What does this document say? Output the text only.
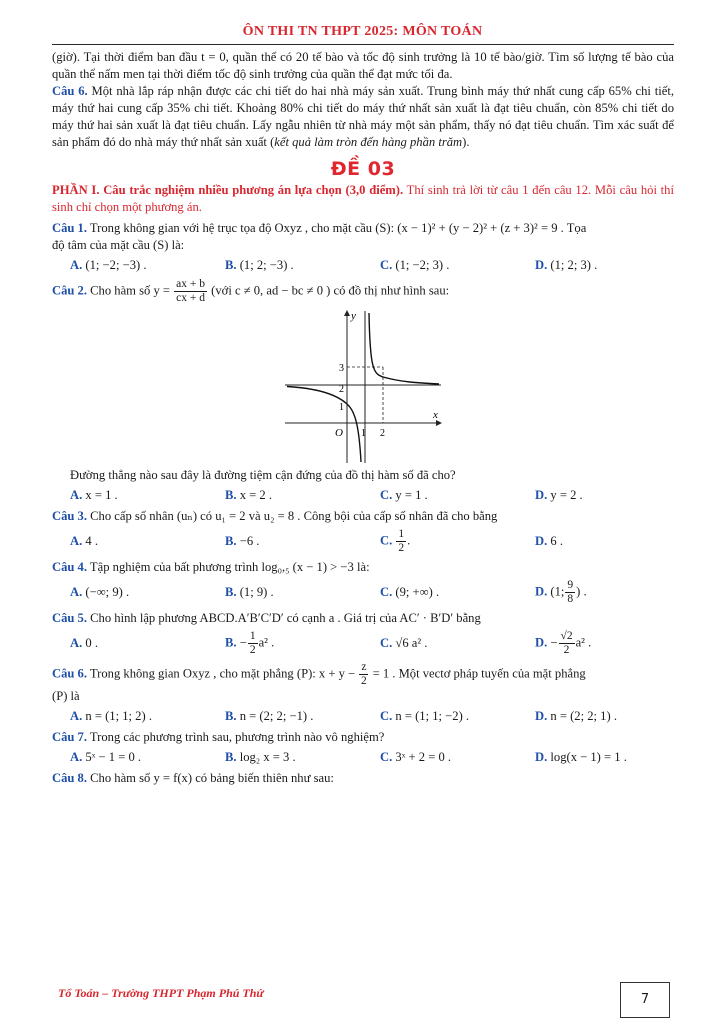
ÔN THI TN THPT 2025: MÔN TOÁN

(giờ). Tại thời điểm ban đầu t = 0, quần thể có 20 tế bào và tốc độ sinh trưởng là 10 tế bào/giờ. Tìm số lượng tế bào của quần thể nấm men tại thời điểm tốc độ sinh trưởng của quần thể đạt mức tối đa.

Câu 6. Một nhà lắp ráp nhận được các chi tiết do hai nhà máy sản xuất. Trung bình máy thứ nhất cung cấp 65% chi tiết, máy thứ hai cung cấp 35% chi tiết. Khoảng 80% chi tiết do máy thứ nhất sản xuất là đạt tiêu chuẩn, còn 85% chi tiết do máy thứ hai sản xuất là đạt tiêu chuẩn. Lấy ngẫu nhiên từ nhà máy một sản phẩm, thấy nó đạt tiêu chuẩn. Tìm xác suất để sản phẩm đó do nhà máy thứ nhất sản xuất (kết quả làm tròn đến hàng phần trăm).

ĐỀ 03

PHẦN I. Câu trắc nghiệm nhiều phương án lựa chọn (3,0 điểm). Thí sinh trả lời từ câu 1 đến câu 12. Mỗi câu hỏi thí sinh chỉ chọn một phương án.

Câu 1. Trong không gian với hệ trục tọa độ Oxyz , cho mặt cầu (S): (x − 1)² + (y − 2)² + (z + 3)² = 9 . Tọa

độ tâm của mặt cầu (S) là:

A. (1; −2; −3) .	B. (1; 2; −3) .	C. (1; −2; 3) .	D. (1; 2; 3) .

Câu 2. Cho hàm số $y = \frac{ax + b}{cx + d}$ (với c ≠ 0, ad − bc ≠ 0 ) có đồ thị như hình sau:

y
x
O 1 2
1
2
3

Đường thẳng nào sau đây là đường tiệm cận đứng của đồ thị hàm số đã cho?

A. x = 1 .	B. x = 2 .	C. y = 1 .	D. y = 2 .

Câu 3. Cho cấp số nhân (uₙ) có u₁ = 2 và u₂ = 8 . Công bội của cấp số nhân đã cho bằng

A. 4 .	B. −6 .	C. $\frac{1}{2}$ .	D. 6 .

Câu 4. Tập nghiệm của bất phương trình log₀,₅ (x − 1) > −3 là:

A. (−∞; 9) .	B. (1; 9) .	C. (9; +∞) .	D. (1; $\frac{9}{8}$ ) .

Câu 5. Cho hình lập phương ABCD.A′B′C′D′ có cạnh a . Giá trị của AC′ · B′D′ bằng

A. 0 .	B. − $\frac{1}{2} a^2$ .	C. √6 a² .	D. − $\frac{√2}{2} a^2$ .

Câu 6. Trong không gian Oxyz , cho mặt phẳng (P): $x + y - \frac{z}{2} = 1$ . Một vectơ pháp tuyến của mặt phẳng

(P) là

A. n = (1; 1; 2) .	B. n = (2; 2; −1) .	C. n = (1; 1; −2) .	D. n = (2; 2; 1) .

Câu 7. Trong các phương trình sau, phương trình nào vô nghiệm?

A. 5ˣ − 1 = 0 .	B. log₂ x = 3 .	C. 3ˣ + 2 = 0 .	D. log(x − 1) = 1 .

Câu 8. Cho hàm số y = f(x) có bảng biến thiên như sau:

Tổ Toán – Trường THPT Phạm Phú Thứ	7
